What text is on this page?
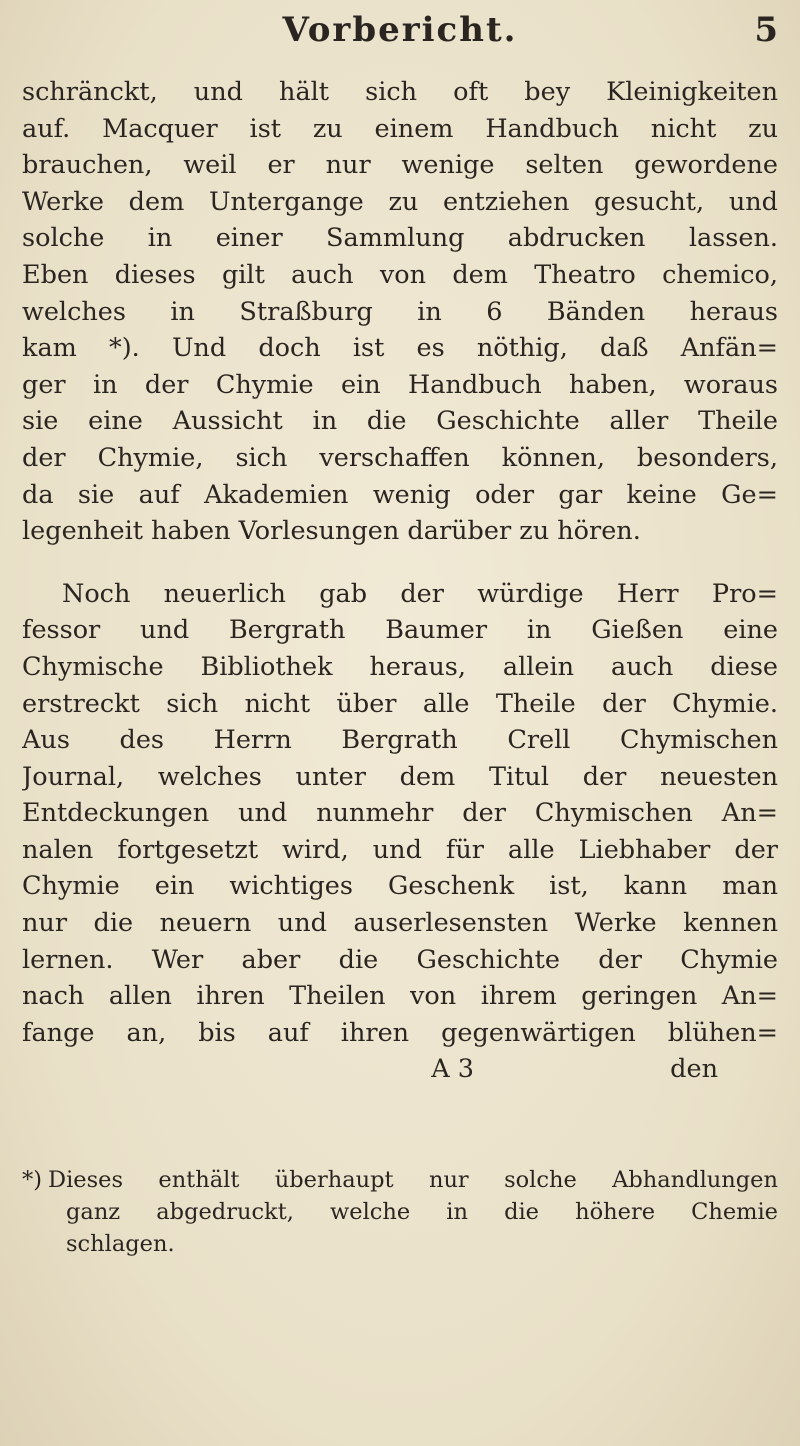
Vorbericht.	5
schränckt, und hält sich oft bey Kleinigkeiten
auf. Macquer ist zu einem Handbuch nicht zu
brauchen, weil er nur wenige selten gewordene
Werke dem Untergange zu entziehen gesucht, und
solche in einer Sammlung abdrucken lassen.
Eben dieses gilt auch von dem Theatro chemico,
welches in Straßburg in 6 Bänden heraus
kam *). Und doch ist es nöthig, daß Anfän=
ger in der Chymie ein Handbuch haben, woraus
sie eine Aussicht in die Geschichte aller Theile
der Chymie, sich verschaffen können, besonders,
da sie auf Akademien wenig oder gar keine Ge=
legenheit haben Vorlesungen darüber zu hören.
Noch neuerlich gab der würdige Herr Pro=
fessor und Bergrath Baumer in Gießen eine
Chymische Bibliothek heraus, allein auch diese
erstreckt sich nicht über alle Theile der Chymie.
Aus des Herrn Bergrath Crell Chymischen
Journal, welches unter dem Titul der neuesten
Entdeckungen und nunmehr der Chymischen An=
nalen fortgesetzt wird, und für alle Liebhaber der
Chymie ein wichtiges Geschenk ist, kann man
nur die neuern und auserlesensten Werke kennen
lernen. Wer aber die Geschichte der Chymie
nach allen ihren Theilen von ihrem geringen An=
fange an, bis auf ihren gegenwärtigen blühen=
A 3	den
*) Dieses enthält überhaupt nur solche Abhandlungen
ganz abgedruckt, welche in die höhere Chemie
schlagen.
